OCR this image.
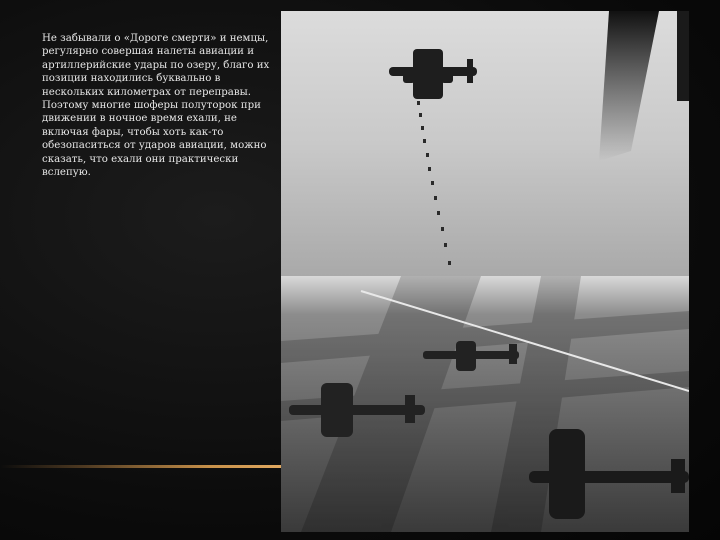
Не забывали о «Дороге смерти» и немцы, регулярно совершая налеты авиации и артиллерийские удары по озеру, благо их позиции находились буквально в нескольких километрах от переправы. Поэтому многие шоферы полуторок при движении в ночное время ехали, не включая фары, чтобы хоть как-то обезопаситься от ударов авиации, можно сказать, что ехали они практически вслепую.
